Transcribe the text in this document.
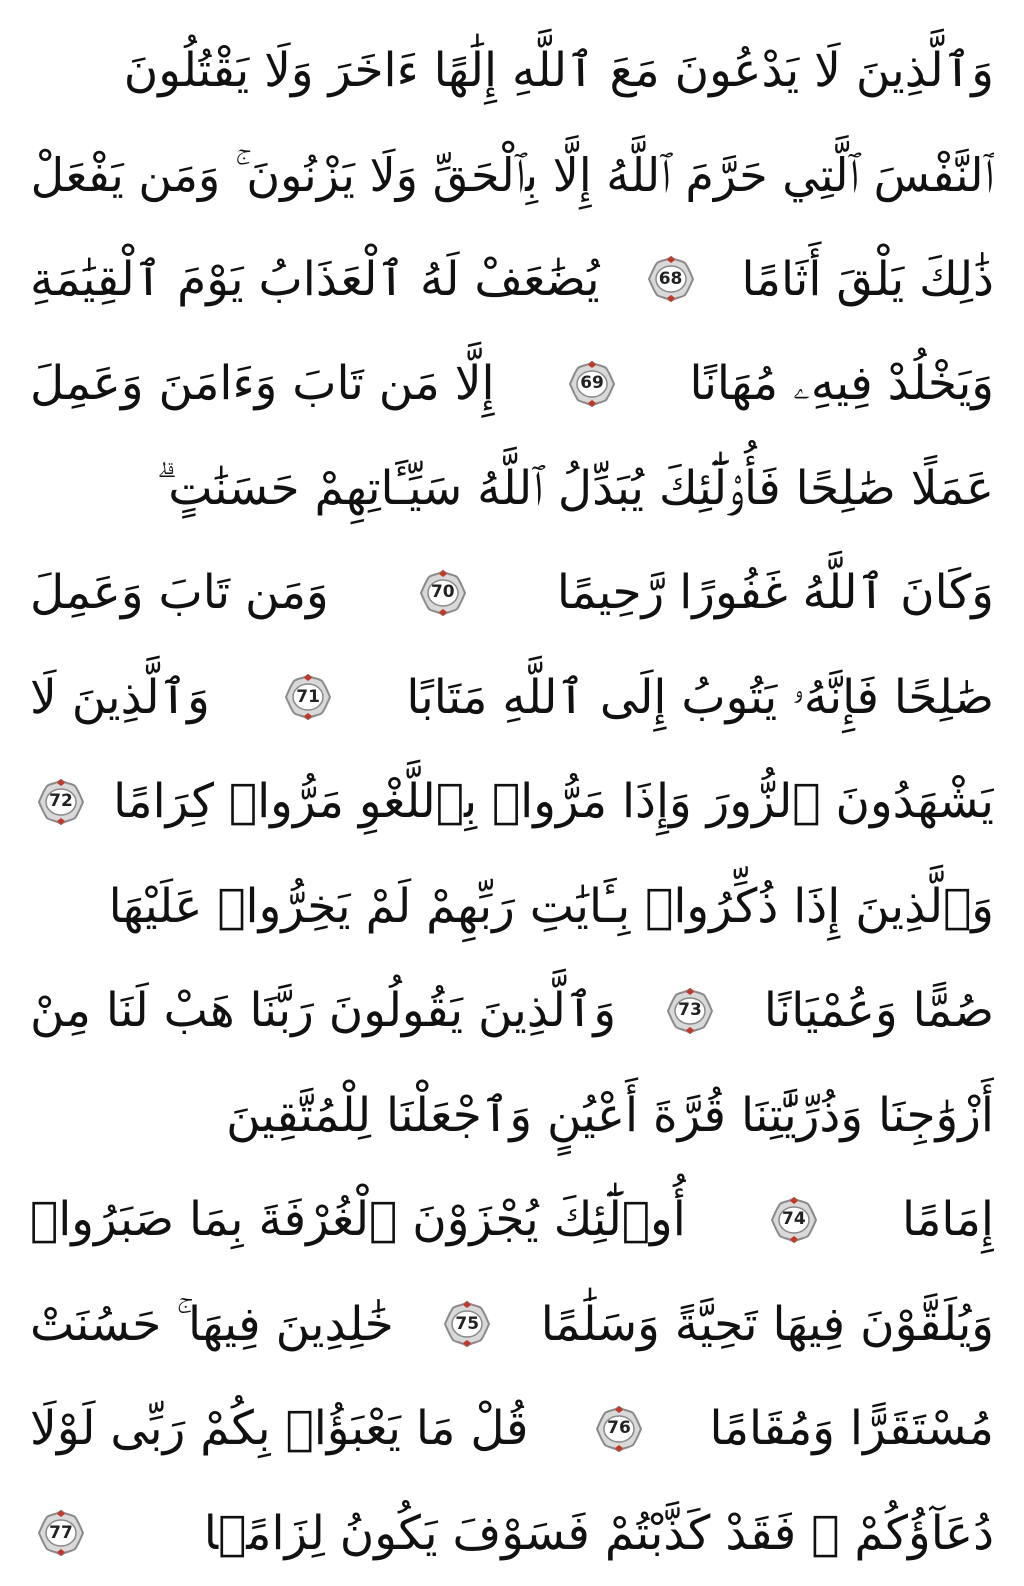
وَٱلَّذِينَ لَا يَدْعُونَ مَعَ ٱللَّهِ إِلَٰهًا ءَاخَرَ وَلَا يَقْتُلُونَ
ٱلنَّفْسَ ٱلَّتِي حَرَّمَ ٱللَّهُ إِلَّا بِٱلْحَقِّ وَلَا يَزْنُونَ ۚ وَمَن يَفْعَلْ
ذَٰلِكَ يَلْقَ أَثَامًا
68
يُضَٰعَفْ لَهُ ٱلْعَذَابُ يَوْمَ ٱلْقِيَٰمَةِ
وَيَخْلُدْ فِيهِۦ مُهَانًا
69
إِلَّا مَن تَابَ وَءَامَنَ وَعَمِلَ
عَمَلًا صَٰلِحًا فَأُو۟لَٰٓئِكَ يُبَدِّلُ ٱللَّهُ سَيِّـَٔاتِهِمْ حَسَنَٰتٍ ۗ
وَكَانَ ٱللَّهُ غَفُورًا رَّحِيمًا
70
وَمَن تَابَ وَعَمِلَ
صَٰلِحًا فَإِنَّهُۥ يَتُوبُ إِلَى ٱللَّهِ مَتَابًا
71
وَٱلَّذِينَ لَا
يَشْهَدُونَ ٱلزُّورَ وَإِذَا مَرُّوا۟ بِٱللَّغْوِ مَرُّوا۟ كِرَامًا
72
وَٱلَّذِينَ إِذَا ذُكِّرُوا۟ بِـَٔايَٰتِ رَبِّهِمْ لَمْ يَخِرُّوا۟ عَلَيْهَا
صُمًّا وَعُمْيَانًا
73
وَٱلَّذِينَ يَقُولُونَ رَبَّنَا هَبْ لَنَا مِنْ
أَزْوَٰجِنَا وَذُرِّيَّٰتِنَا قُرَّةَ أَعْيُنٍ وَٱجْعَلْنَا لِلْمُتَّقِينَ
إِمَامًا
74
أُو۟لَٰٓئِكَ يُجْزَوْنَ ٱلْغُرْفَةَ بِمَا صَبَرُوا۟
وَيُلَقَّوْنَ فِيهَا تَحِيَّةً وَسَلَٰمًا
75
خَٰلِدِينَ فِيهَا ۚ حَسُنَتْ
مُسْتَقَرًّا وَمُقَامًا
76
قُلْ مَا يَعْبَؤُا۟ بِكُمْ رَبِّى لَوْلَا
دُعَآؤُكُمْ ۖ فَقَدْ كَذَّبْتُمْ فَسَوْفَ يَكُونُ لِزَامًۢا
77
